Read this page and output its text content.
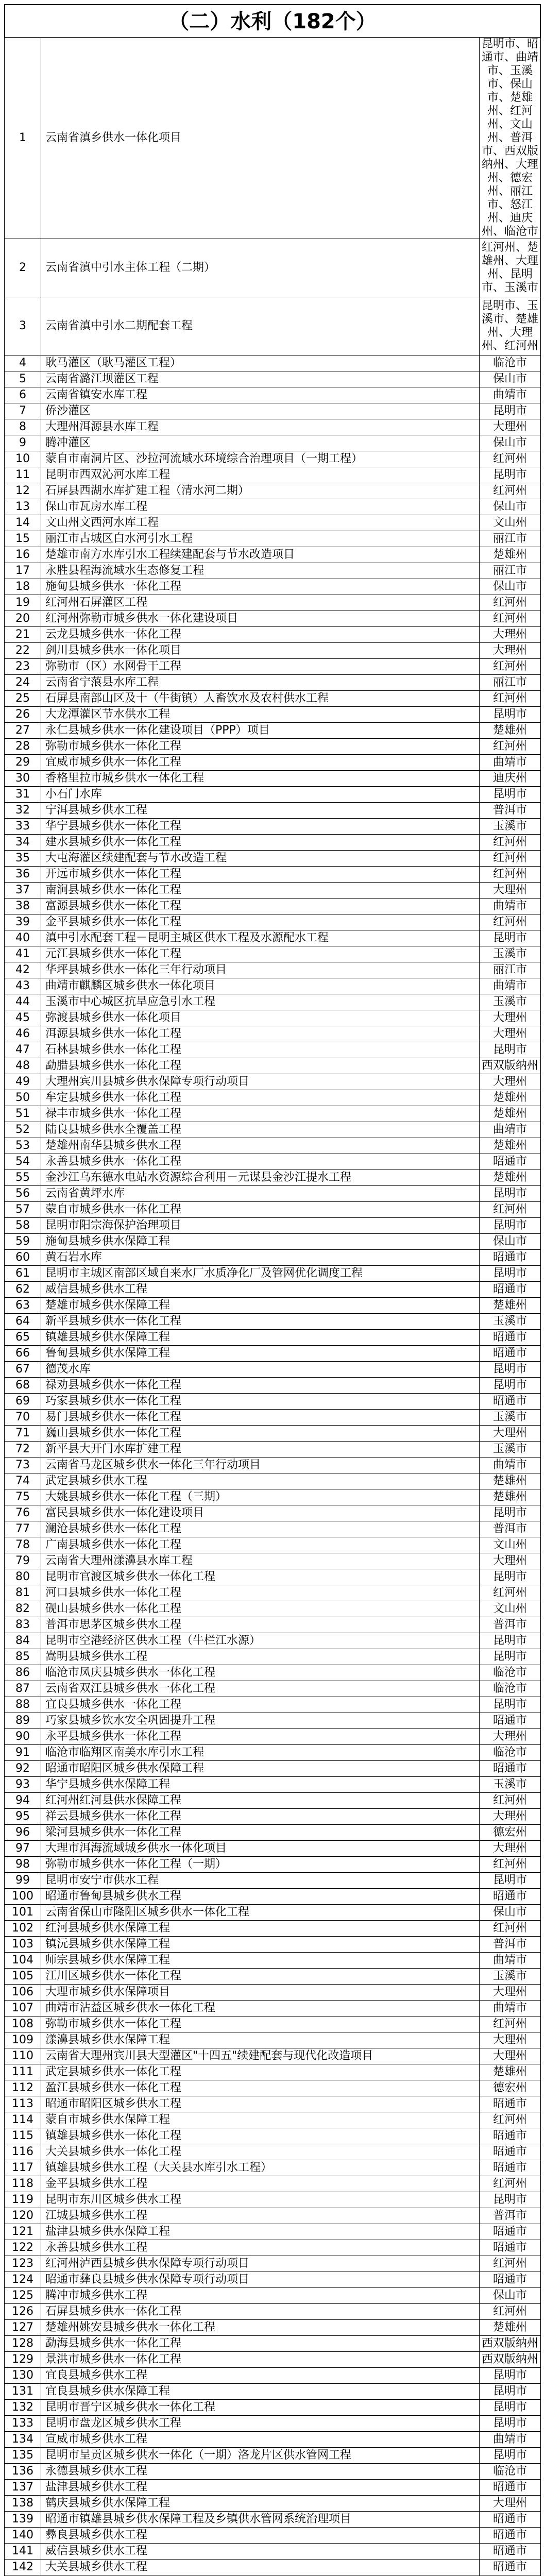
（二）水利（182个）
1	云南省滇乡供水一体化项目	昆明市、昭通市、曲靖市、玉溪市、保山市、楚雄州、红河州、文山州、普洱市、西双版纳州、大理州、德宏州、丽江市、怒江州、迪庆州、临沧市
2	云南省滇中引水主体工程（二期）	红河州、楚雄州、大理州、昆明市、玉溪市
3	云南省滇中引水二期配套工程	昆明市、玉溪市、楚雄州、大理州、红河州
4	耿马灌区（耿马灌区工程）	临沧市
5	云南省潞江坝灌区工程	保山市
6	云南省镇安水库工程	曲靖市
7	侨沙灌区	昆明市
8	大理州洱源县水库工程	大理州
9	腾冲灌区	保山市
10	蒙自市南洞片区、沙拉河流域水环境综合治理项目（一期工程）	红河州
11	昆明市西双沁河水库工程	昆明市
12	石屏县西湖水库扩建工程（清水河二期）	红河州
13	保山市瓦房水库工程	保山市
14	文山州文西河水库工程	文山州
15	丽江市古城区白水河引水工程	丽江市
16	楚雄市南方水库引水工程续建配套与节水改造项目	楚雄州
17	永胜县程海流域水生态修复工程	丽江市
18	施甸县城乡供水一体化工程	保山市
19	红河州石屏灌区工程	红河州
20	红河州弥勒市城乡供水一体化建设项目	红河州
21	云龙县城乡供水一体化工程	大理州
22	剑川县城乡供水一体化项目	大理州
23	弥勒市（区）水网骨干工程	红河州
24	云南省宁蒗县水库工程	丽江市
25	石屏县南部山区及十（牛街镇）人畜饮水及农村供水工程	红河州
26	大龙潭灌区节水供水工程	昆明市
27	永仁县城乡供水一体化建设项目（PPP）项目	楚雄州
28	弥勒市城乡供水一体化工程	红河州
29	宜威市城乡供水一体化工程	曲靖市
30	香格里拉市城乡供水一体化工程	迪庆州
31	小石门水库	昆明市
32	宁洱县城乡供水工程	普洱市
33	华宁县城乡供水一体化工程	玉溪市
34	建水县城乡供水一体化工程	红河州
35	大屯海灌区续建配套与节水改造工程	红河州
36	开远市城乡供水一体化工程	红河州
37	南涧县城乡供水一体化工程	大理州
38	富源县城乡供水一体化工程	曲靖市
39	金平县城乡供水一体化工程	红河州
40	滇中引水配套工程－昆明主城区供水工程及水源配水工程	昆明市
41	元江县城乡供水一体化工程	玉溪市
42	华坪县城乡供水一体化三年行动项目	丽江市
43	曲靖市麒麟区城乡供水一体化项目	曲靖市
44	玉溪市中心城区抗旱应急引水工程	玉溪市
45	弥渡县城乡供水一体化项目	大理州
46	洱源县城乡供水一体化工程	大理州
47	石林县城乡供水一体化工程	昆明市
48	勐腊县城乡供水一体化工程	西双版纳州
49	大理州宾川县城乡供水保障专项行动项目	大理州
50	牟定县城乡供水一体化工程	楚雄州
51	禄丰市城乡供水一体化工程	楚雄州
52	陆良县城乡供水全覆盖工程	曲靖市
53	楚雄州南华县城乡供水工程	楚雄州
54	永善县城乡供水一体化工程	昭通市
55	金沙江乌东德水电站水资源综合利用－元谋县金沙江提水工程	楚雄州
56	云南省黄坪水库	昆明市
57	蒙自市城乡供水一体化工程	红河州
58	昆明市阳宗海保护治理项目	昆明市
59	施甸县城乡供水保障工程	保山市
60	黄石岩水库	昭通市
61	昆明市主城区南部区域自来水厂水质净化厂及管网优化调度工程	昆明市
62	威信县城乡供水工程	昭通市
63	楚雄市城乡供水保障工程	楚雄州
64	新平县城乡供水一体化工程	玉溪市
65	镇雄县城乡供水保障工程	昭通市
66	鲁甸县城乡供水保障工程	昭通市
67	德茂水库	昆明市
68	禄劝县城乡供水一体化工程	昆明市
69	巧家县城乡供水一体化工程	昭通市
70	易门县城乡供水一体化工程	玉溪市
71	巍山县城乡供水一体化工程	大理州
72	新平县大开门水库扩建工程	玉溪市
73	云南省马龙区城乡供水一体化三年行动项目	曲靖市
74	武定县城乡供水工程	楚雄州
75	大姚县城乡供水一体化工程（三期）	楚雄州
76	富民县城乡供水一体化建设项目	昆明市
77	澜沧县城乡供水一体化工程	普洱市
78	广南县城乡供水一体化工程	文山州
79	云南省大理州漾濞县水库工程	大理州
80	昆明市官渡区城乡供水一体化工程	昆明市
81	河口县城乡供水一体化工程	红河州
82	砚山县城乡供水一体化工程	文山州
83	普洱市思茅区城乡供水工程	普洱市
84	昆明市空港经济区供水工程（牛栏江水源）	昆明市
85	嵩明县城乡供水工程	昆明市
86	临沧市凤庆县城乡供水一体化工程	临沧市
87	云南省双江县城乡供水一体化工程	临沧市
88	宜良县城乡供水一体化工程	昆明市
89	巧家县城乡饮水安全巩固提升工程	昭通市
90	永平县城乡供水一体化工程	大理州
91	临沧市临翔区南美水库引水工程	临沧市
92	昭通市昭阳区城乡供水保障工程	昭通市
93	华宁县城乡供水保障工程	玉溪市
94	红河州红河县供水保障工程	红河州
95	祥云县城乡供水一体化工程	大理州
96	梁河县城乡供水一体化工程	德宏州
97	大理市洱海流域城乡供水一体化项目	大理州
98	弥勒市城乡供水一体化工程（一期）	红河州
99	昆明市安宁市供水工程	昆明市
100	昭通市鲁甸县城乡供水工程	昭通市
101	云南省保山市隆阳区城乡供水一体化工程	保山市
102	红河县城乡供水保障工程	红河州
103	镇沅县城乡供水保障工程	普洱市
104	师宗县城乡供水保障工程	曲靖市
105	江川区城乡供水一体化工程	玉溪市
106	大理市城乡供水保障项目	大理州
107	曲靖市沾益区城乡供水一体化工程	曲靖市
108	弥勒市城乡供水一体化工程	红河州
109	漾濞县城乡供水保障工程	大理州
110	云南省大理州宾川县大型灌区"十四五"续建配套与现代化改造项目	大理州
111	武定县城乡供水一体化工程	楚雄州
112	盈江县城乡供水一体化工程	德宏州
113	昭通市昭阳区城乡供水工程	昭通市
114	蒙自市城乡供水保障工程	红河州
115	镇雄县城乡供水一体化工程	昭通市
116	大关县城乡供水一体化工程	昭通市
117	镇雄县城乡供水工程（大关县水库引水工程）	昭通市
118	金平县城乡供水工程	红河州
119	昆明市东川区城乡供水工程	昆明市
120	江城县城乡供水工程	普洱市
121	盐津县城乡供水保障工程	昭通市
122	永善县城乡供水工程	昭通市
123	红河州泸西县城乡供水保障专项行动项目	红河州
124	昭通市彝良县城乡供水保障专项行动项目	昭通市
125	腾冲市城乡供水工程	保山市
126	石屏县城乡供水一体化工程	红河州
127	楚雄州姚安县城乡供水一体化工程	楚雄州
128	勐海县城乡供水一体化工程	西双版纳州
129	景洪市城乡供水一体化工程	西双版纳州
130	宜良县城乡供水工程	昆明市
131	宜良县城乡供水保障工程	昆明市
132	昆明市晋宁区城乡供水一体化工程	昆明市
133	昆明市盘龙区城乡供水工程	昆明市
134	宣威市城乡供水工程	曲靖市
135	昆明市呈贡区城乡供水一体化（一期）洛龙片区供水管网工程	昆明市
136	永德县城乡供水工程	临沧市
137	盐津县城乡供水工程	昭通市
138	鹤庆县城乡供水保障工程	大理州
139	昭通市镇雄县城乡供水保障工程及乡镇供水管网系统治理项目	昭通市
140	彝良县城乡供水工程	昭通市
141	威信县城乡供水工程	昭通市
142	大关县城乡供水工程	昭通市
